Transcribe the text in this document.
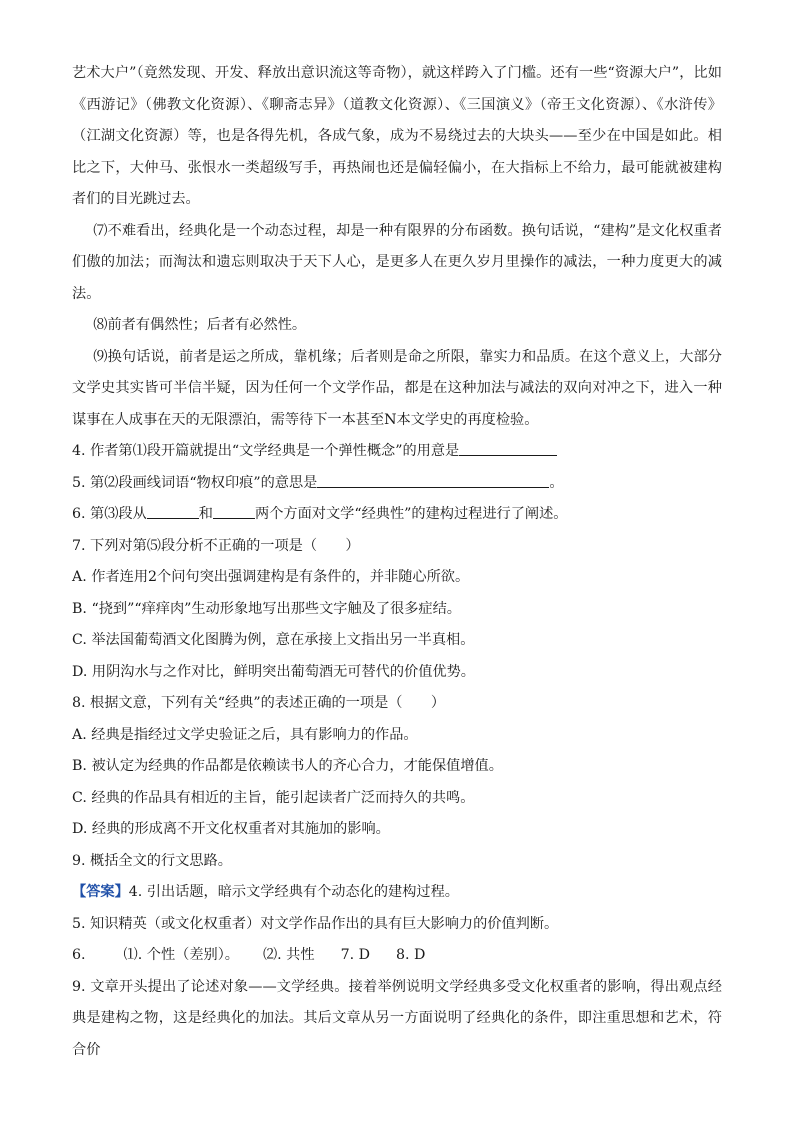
艺术大户”（竟然发现、开发、释放出意识流这等奇物），就这样跨入了门槛。还有一些“资源大户”，比如《西游记》（佛教文化资源）、《聊斋志异》（道教文化资源）、《三国演义》（帝王文化资源）、《水浒传》（江湖文化资源）等，也是各得先机，各成气象，成为不易绕过去的大块头——至少在中国是如此。相比之下，大仲马、张恨水一类超级写手，再热闹也还是偏轻偏小，在大指标上不给力，最可能就被建构者们的目光跳过去。

⑺不难看出，经典化是一个动态过程，却是一种有限界的分布函数。换句话说，“建构”是文化权重者们傲的加法；而淘汰和遗忘则取决于天下人心，是更多人在更久岁月里操作的减法，一种力度更大的减法。

⑻前者有偶然性；后者有必然性。

⑼换句话说，前者是运之所成，靠机缘；后者则是命之所限，靠实力和品质。在这个意义上，大部分文学史其实皆可半信半疑，因为任何一个文学作品，都是在这种加法与减法的双向对冲之下，进入一种谋事在人成事在天的无限漂泊，需等待下一本甚至N本文学史的再度检验。

4. 作者第⑴段开篇就提出“文学经典是一个弹性概念”的用意是

5. 第⑵段画线词语“物权印痕”的意思是	。

6. 第⑶段从	和	两个方面对文学“经典性”的建构过程进行了阐述。

7. 下列对第⑸段分析不正确的一项是（　　）

A. 作者连用2个问句突出强调建构是有条件的，并非随心所欲。

B. “挠到”“痒痒肉”生动形象地写出那些文字触及了很多症结。

C. 举法国葡萄酒文化图腾为例，意在承接上文指出另一半真相。

D. 用阴沟水与之作对比，鲜明突出葡萄酒无可替代的价值优势。

8. 根据文意，下列有关“经典”的表述正确的一项是（　　）

A. 经典是指经过文学史验证之后，具有影响力的作品。

B. 被认定为经典的作品都是依赖读书人的齐心合力，才能保值增值。

C. 经典的作品具有相近的主旨，能引起读者广泛而持久的共鸣。

D. 经典的形成离不开文化权重者对其施加的影响。

9. 概括全文的行文思路。

【答案】4. 引出话题，暗示文学经典有个动态化的建构过程。

5. 知识精英（或文化权重者）对文学作品作出的具有巨大影响力的价值判断。

6.	⑴. 个性（差别）。 ⑵. 共性 7. D 8. D

9. 文章开头提出了论述对象——文学经典。接着举例说明文学经典多受文化权重者的影响，得出观点经典是建构之物，这是经典化的加法。其后文章从另一方面说明了经典化的条件，即注重思想和艺术，符合价
